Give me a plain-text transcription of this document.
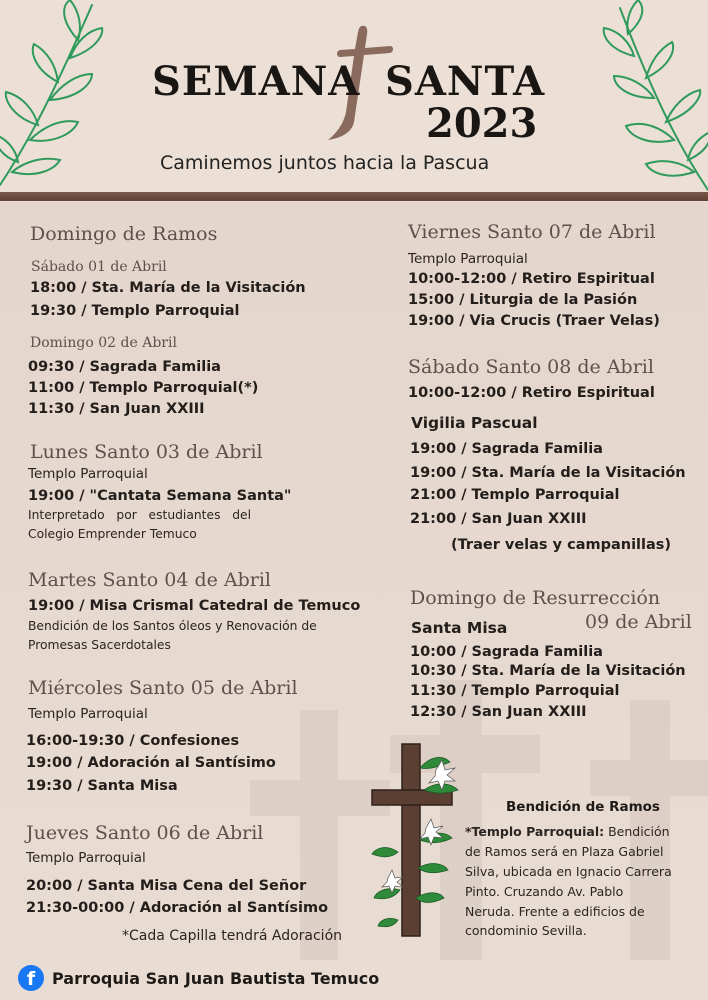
SEMANA SANTA
2023
Caminemos juntos hacia la Pascua
Domingo de Ramos
Sábado 01 de Abril
18:00 / Sta. María de la Visitación
19:30 / Templo Parroquial
Domingo 02 de Abril
09:30 / Sagrada Familia
11:00 / Templo Parroquial(*)
11:30 / San Juan XXIII
Lunes Santo 03 de Abril
Templo Parroquial
19:00 / "Cantata Semana Santa"
Interpretado   por   estudiantes   del
Colegio Emprender Temuco
Martes Santo 04 de Abril
19:00 / Misa Crismal Catedral de Temuco
Bendición de los Santos óleos y Renovación de
Promesas Sacerdotales
Miércoles Santo 05 de Abril
Templo Parroquial
16:00-19:30 / Confesiones
19:00 / Adoración al Santísimo
19:30 / Santa Misa
Jueves Santo 06 de Abril
Templo Parroquial
20:00 / Santa Misa Cena del Señor
21:30-00:00 / Adoración al Santísimo
*Cada Capilla tendrá Adoración
Viernes Santo 07 de Abril
Templo Parroquial
10:00-12:00 / Retiro Espiritual
15:00 / Liturgia de la Pasión
19:00 / Via Crucis (Traer Velas)
Sábado Santo 08 de Abril
10:00-12:00 / Retiro Espiritual
Vigilia Pascual
19:00 / Sagrada Familia
19:00 / Sta. María de la Visitación
21:00 / Templo Parroquial
21:00 / San Juan XXIII
(Traer velas y campanillas)
Domingo de Resurrección
09 de Abril
Santa Misa
10:00 / Sagrada Familia
10:30 / Sta. María de la Visitación
11:30 / Templo Parroquial
12:30 / San Juan XXIII
Bendición de Ramos
*Templo Parroquial: Bendición
de Ramos será en Plaza Gabriel
Silva, ubicada en Ignacio Carrera
Pinto. Cruzando Av. Pablo
Neruda. Frente a edificios de
condominio Sevilla.
f	Parroquia San Juan Bautista Temuco
